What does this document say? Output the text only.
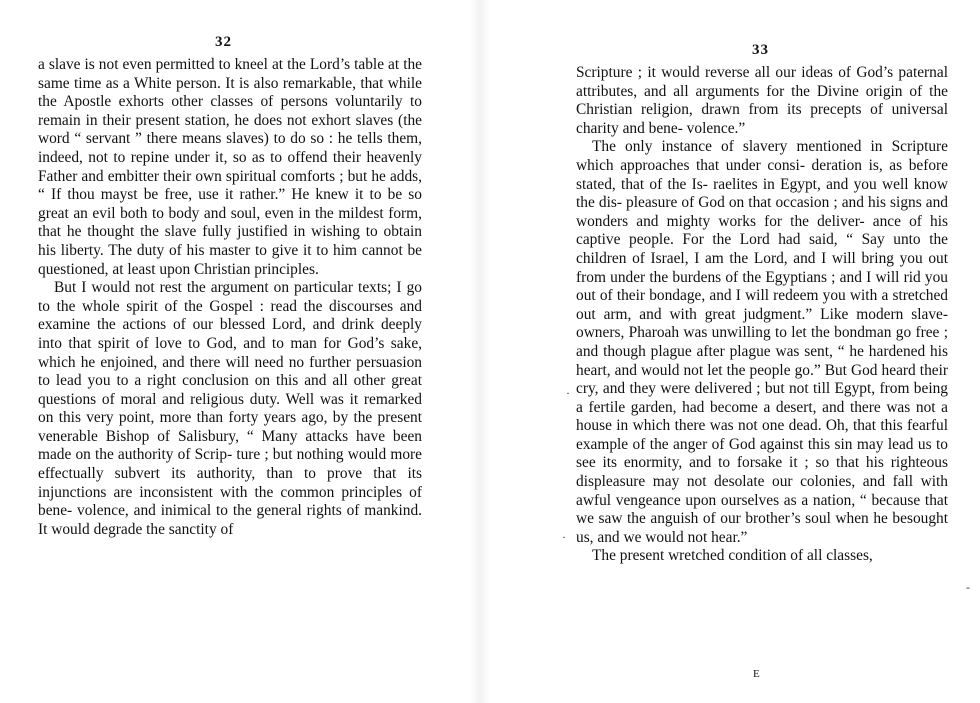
32

a slave is not even permitted to kneel at the Lord’s table at the same time as a White person. It is also remarkable, that while the Apostle exhorts other classes of persons voluntarily to remain in their present station, he does not exhort slaves (the word “ servant ” there means slaves) to do so : he tells them, indeed, not to repine under it, so as to offend their heavenly Father and embitter their own spiritual comforts ; but he adds, “ If thou mayst be free, use it rather.” He knew it to be so great an evil both to body and soul, even in the mildest form, that he thought the slave fully justified in wishing to obtain his liberty. The duty of his master to give it to him cannot be questioned, at least upon Christian principles.

But I would not rest the argument on particular texts; I go to the whole spirit of the Gospel : read the discourses and examine the actions of our blessed Lord, and drink deeply into that spirit of love to God, and to man for God’s sake, which he enjoined, and there will need no further persuasion to lead you to a right conclusion on this and all other great questions of moral and religious duty. Well was it remarked on this very point, more than forty years ago, by the present venerable Bishop of Salisbury, “ Many attacks have been made on the authority of Scrip- ture ; but nothing would more effectually subvert its authority, than to prove that its injunctions are inconsistent with the common principles of bene- volence, and inimical to the general rights of mankind. It would degrade the sanctity of

33

Scripture ; it would reverse all our ideas of God’s paternal attributes, and all arguments for the Divine origin of the Christian religion, drawn from its precepts of universal charity and bene- volence.”

The only instance of slavery mentioned in Scripture which approaches that under consi- deration is, as before stated, that of the Is- raelites in Egypt, and you well know the dis- pleasure of God on that occasion ; and his signs and wonders and mighty works for the deliver- ance of his captive people. For the Lord had said, “ Say unto the children of Israel, I am the Lord, and I will bring you out from under the burdens of the Egyptians ; and I will rid you out of their bondage, and I will redeem you with a stretched out arm, and with great judgment.” Like modern slave-owners, Pharoah was unwilling to let the bondman go free ; and though plague after plague was sent, “ he hardened his heart, and would not let the people go.” But God heard their cry, and they were delivered ; but not till Egypt, from being a fertile garden, had become a desert, and there was not a house in which there was not one dead. Oh, that this fearful example of the anger of God against this sin may lead us to see its enormity, and to forsake it ; so that his righteous displeasure may not desolate our colonies, and fall with awful vengeance upon ourselves as a nation, “ because that we saw the anguish of our brother’s soul when he besought us, and we would not hear.”

The present wretched condition of all classes,

E
·
·
-
